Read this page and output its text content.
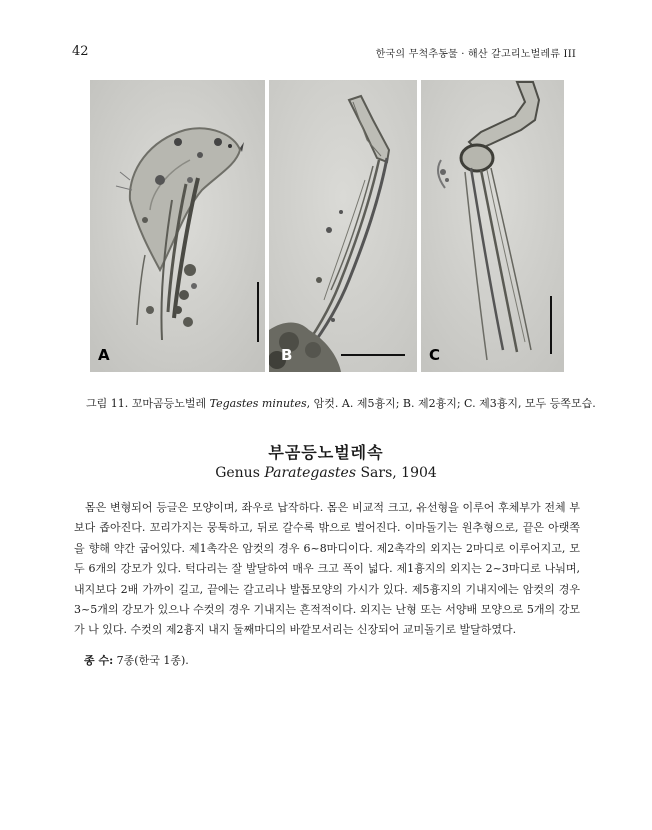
42	한국의 무척추동물 · 해산 갈고리노벌레류 III
A	B	C
그림 11. 꼬마곰등노벌레 Tegastes minutes, 암컷. A. 제5흉지; B. 제2흉지; C. 제3흉지, 모두 등쪽모습.
부곰등노벌레속
Genus Parategastes Sars, 1904

몸은 변형되어 등글은 모양이며, 좌우로 납작하다. 몸은 비교적 크고, 유선형을 이루어 후체부가 전체 부보다 좁아진다. 꼬리가지는 뭉툭하고, 뒤로 갈수록 밖으로 벌어진다. 이마돌기는 원추형으로, 끝은 아랫쪽을 향해 약간 굽어있다. 제1촉각은 암컷의 경우 6~8마디이다. 제2촉각의 외지는 2마디로 이루어지고, 모두 6개의 강모가 있다. 턱다리는 잘 발달하여 매우 크고 폭이 넓다. 제1흉지의 외지는 2~3마디로 나눠며, 내지보다 2배 가까이 길고, 끝에는 갈고리나 발톱모양의 가시가 있다. 제5흉지의 기내지에는 암컷의 경우 3~5개의 강모가 있으나 수컷의 경우 기내지는 흔적적이다. 외지는 난형 또는 서양배 모양으로 5개의 강모가 나 있다. 수컷의 제2흉지 내지 둘째마디의 바깥모서리는 신장되어 교미돌기로 발달하였다.

종 수: 7종(한국 1종).
